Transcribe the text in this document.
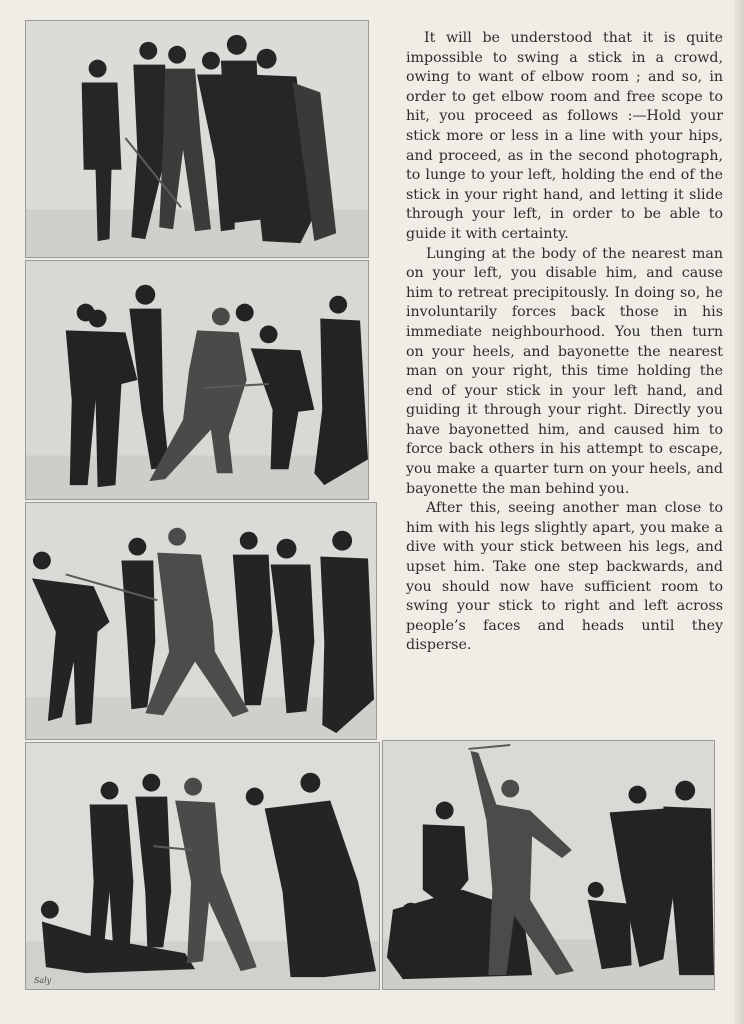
Saly

It will be understood that it is quite impossible to swing a stick in a crowd, owing to want of elbow room ; and so, in order to get elbow room and free scope to hit, you proceed as follows :—Hold your stick more or less in a line with your hips, and proceed, as in the second photograph, to lunge to your left, holding the end of the stick in your right hand, and letting it slide through your left, in order to be able to guide it with certainty.

Lunging at the body of the nearest man on your left, you disable him, and cause him to retreat precipitously. In doing so, he involuntarily forces back those in his immediate neighbourhood. You then turn on your heels, and bayonette the nearest man on your right, this time holding the end of your stick in your left hand, and guiding it through your right. Directly you have bayonetted him, and caused him to force back others in his attempt to escape, you make a quarter turn on your heels, and bayonette the man behind you.

After this, seeing another man close to him with his legs slightly apart, you make a dive with your stick between his legs, and upset him. Take one step backwards, and you should now have sufficient room to swing your stick to right and left across people’s faces and heads until they disperse.
